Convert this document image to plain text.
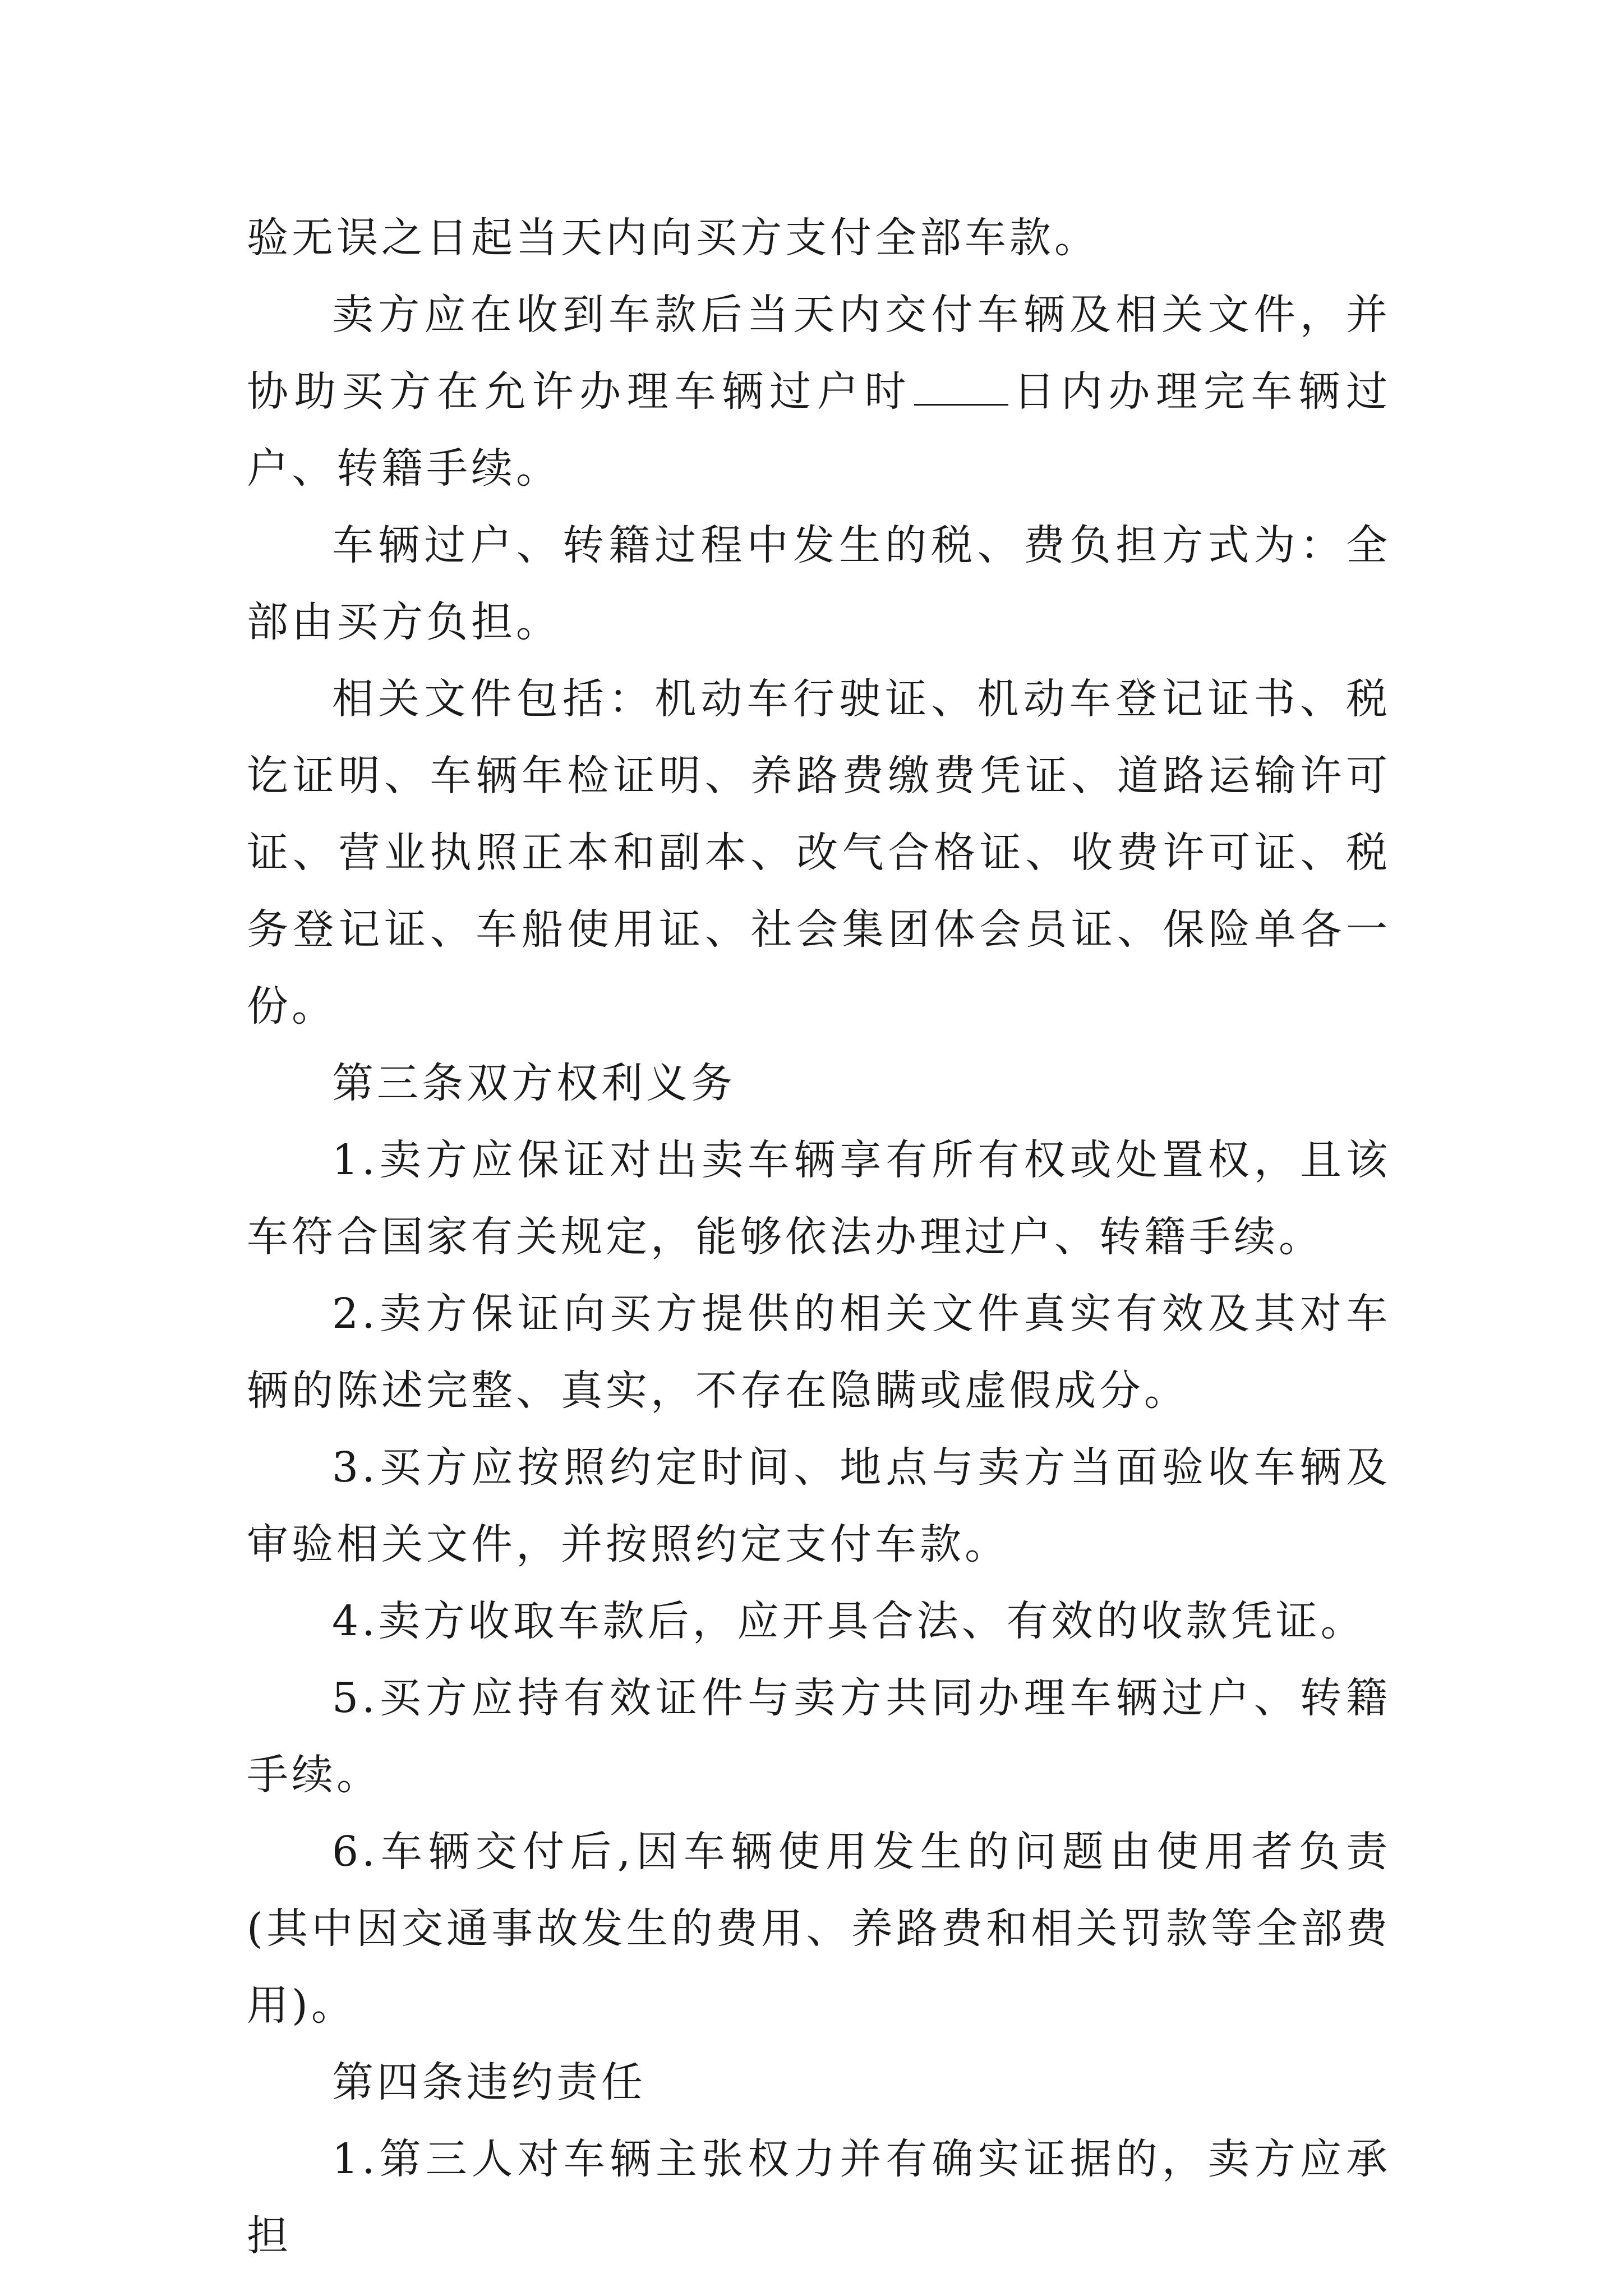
验无误之日起当天内向买方支付全部车款。

卖方应在收到车款后当天内交付车辆及相关文件，并协助买方在允许办理车辆过户时 日内办理完车辆过户、转籍手续。

车辆过户、转籍过程中发生的税、费负担方式为：全部由买方负担。

相关文件包括：机动车行驶证、机动车登记证书、税讫证明、车辆年检证明、养路费缴费凭证、道路运输许可证、营业执照正本和副本、改气合格证、收费许可证、税务登记证、车船使用证、社会集团体会员证、保险单各一份。

第三条双方权利义务

1.卖方应保证对出卖车辆享有所有权或处置权，且该车符合国家有关规定，能够依法办理过户、转籍手续。

2.卖方保证向买方提供的相关文件真实有效及其对车辆的陈述完整、真实，不存在隐瞒或虚假成分。

3.买方应按照约定时间、地点与卖方当面验收车辆及审验相关文件，并按照约定支付车款。

4.卖方收取车款后，应开具合法、有效的收款凭证。

5.买方应持有效证件与卖方共同办理车辆过户、转籍手续。

6.车辆交付后,因车辆使用发生的问题由使用者负责(其中因交通事故发生的费用、养路费和相关罚款等全部费用)。

第四条违约责任

1.第三人对车辆主张权力并有确实证据的，卖方应承担
